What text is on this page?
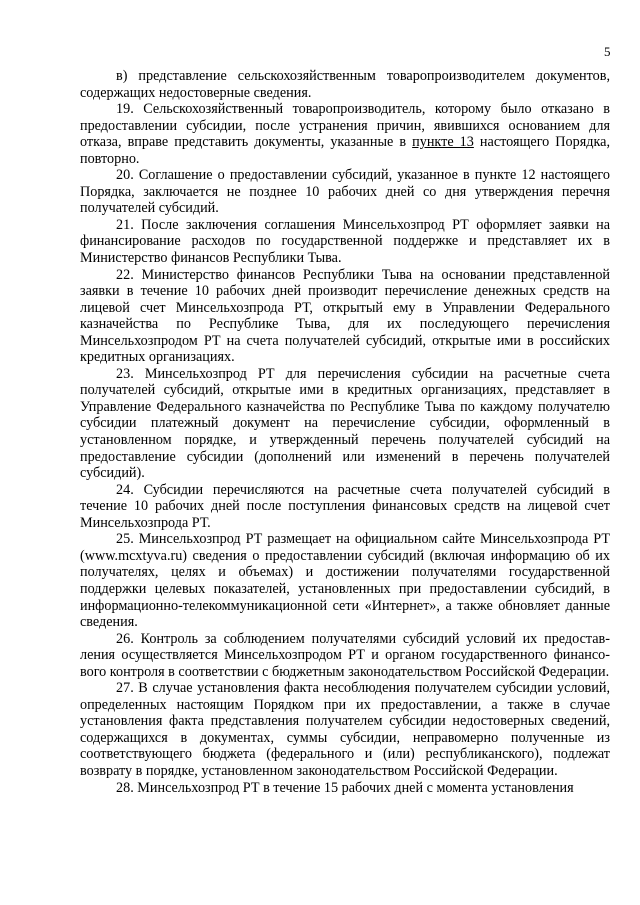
5

в) представление сельскохозяйственным товаропроизводителем документов, содержащих недостоверные сведения.

19. Сельскохозяйственный товаропроизводитель, которому было отказано в предоставлении субсидии, после устранения причин, явившихся основанием для отказа, вправе представить документы, указанные в пункте 13 настоящего Порядка, повторно.

20. Соглашение о предоставлении субсидий, указанное в пункте 12 настоящего Порядка, заключается не позднее 10 рабочих дней со дня утверждения перечня получателей субсидий.

21. После заключения соглашения Минсельхозпрод РТ оформляет заявки на финансирование расходов по государственной поддержке и представляет их в Министерство финансов Республики Тыва.

22. Министерство финансов Республики Тыва на основании представленной заявки в течение 10 рабочих дней производит перечисление денежных средств на лицевой счет Минсельхозпрода РТ, открытый ему в Управлении Федерального казначейства по Республике Тыва, для их последующего перечисления Минсельхозпродом РТ на счета получателей субсидий, открытые ими в российских кредитных организациях.

23. Минсельхозпрод РТ для перечисления субсидии на расчетные счета получателей субсидий, открытые ими в кредитных организациях, представляет в Управление Федерального казначейства по Республике Тыва по каждому получателю субсидии платежный документ на перечисление субсидии, оформленный в установленном порядке, и утвержденный перечень получателей субсидий на предоставление субсидии (дополнений или изменений в перечень получателей субсидий).

24. Субсидии перечисляются на расчетные счета получателей субсидий в течение 10 рабочих дней после поступления финансовых средств на лицевой счет Минсельхозпрода РТ.

25. Минсельхозпрод РТ размещает на официальном сайте Минсельхозпрода РТ (www.mcxtyva.ru) сведения о предоставлении субсидий (включая информацию об их получателях, целях и объемах) и достижении получателями государственной поддержки целевых показателей, установленных при предоставлении субсидий, в информационно-телекоммуникационной сети «Интернет», а также обновляет данные сведения.

26. Контроль за соблюдением получателями субсидий условий их предоставления осуществляется Минсельхозпродом РТ и органом государственного финансового контроля в соответствии с бюджетным законодательством Российской Федерации.

27. В случае установления факта несоблюдения получателем субсидии условий, определенных настоящим Порядком при их предоставлении, а также в случае установления факта представления получателем субсидии недостоверных сведений, содержащихся в документах, суммы субсидии, неправомерно полученные из соответствующего бюджета (федерального и (или) республиканского), подлежат возврату в порядке, установленном законодательством Российской Федерации.

28. Минсельхозпрод РТ в течение 15 рабочих дней с момента установления
